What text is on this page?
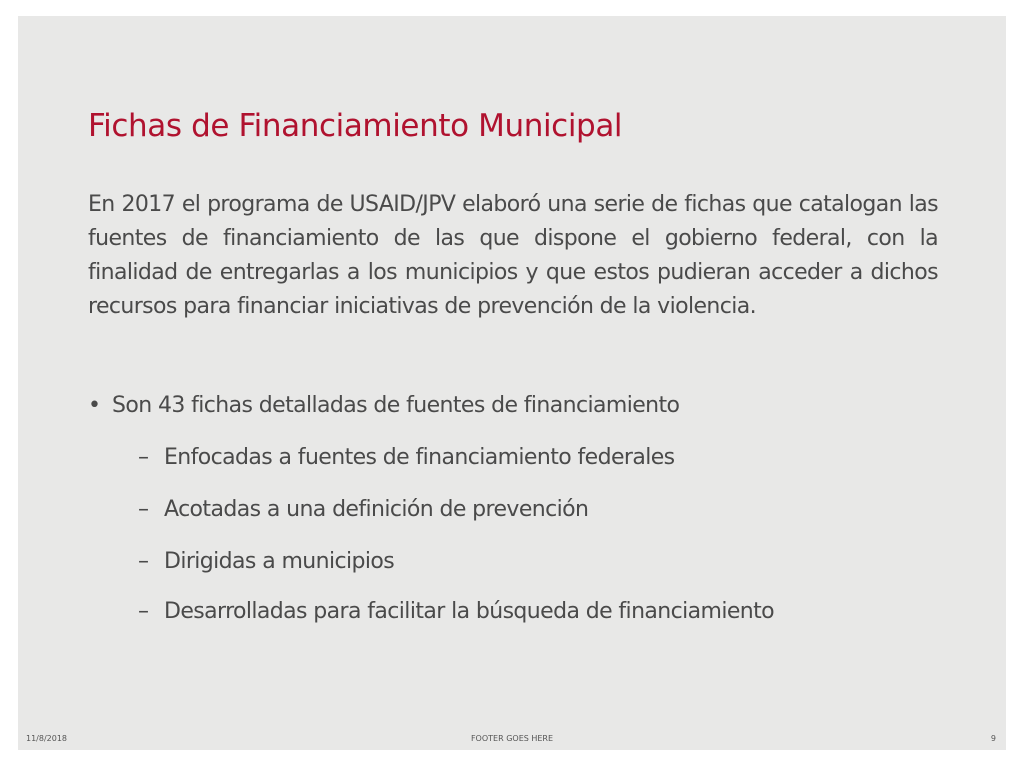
Fichas de Financiamiento Municipal

En 2017 el programa de USAID/JPV elaboró una serie de fichas que catalogan las fuentes de financiamiento de las que dispone el gobierno federal, con la finalidad de entregarlas a los municipios y que estos pudieran acceder a dichos recursos para financiar iniciativas de prevención de la violencia.

• Son 43 fichas detalladas de fuentes de financiamiento

– Enfocadas a fuentes de financiamiento federales

– Acotadas a una definición de prevención

– Dirigidas a municipios

– Desarrolladas para facilitar la búsqueda de financiamiento

11/8/2018	FOOTER GOES HERE	9
